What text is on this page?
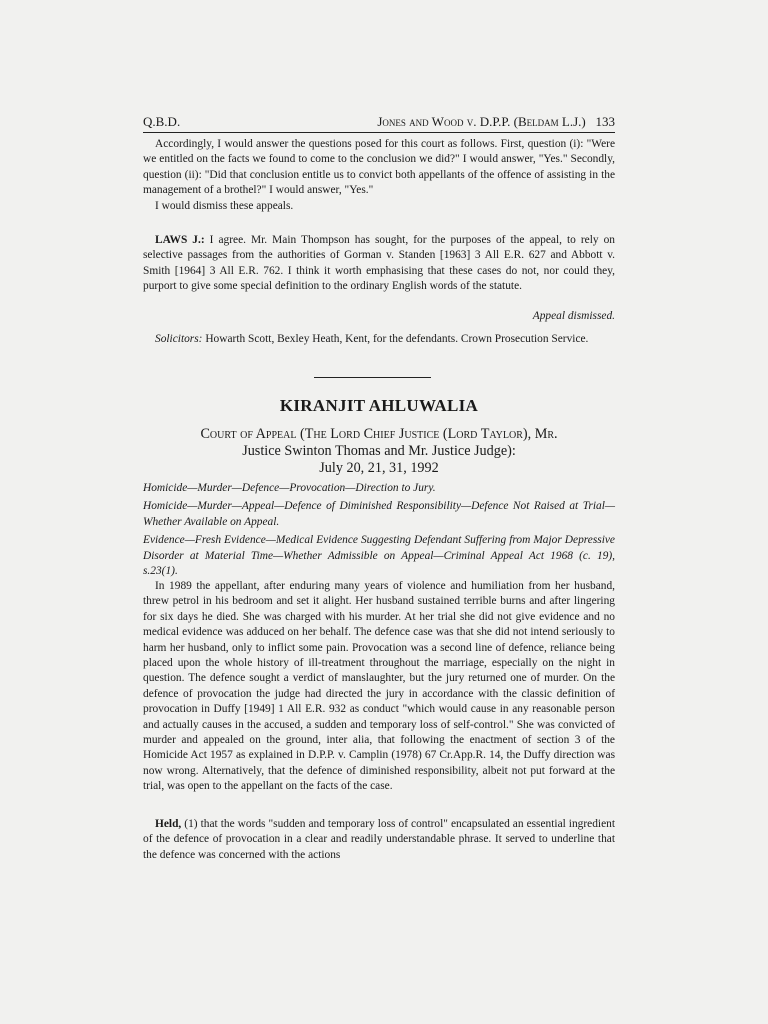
Q.B.D.	Jones and Wood v. D.P.P. (Beldam L.J.) 133

Accordingly, I would answer the questions posed for this court as follows. First, question (i): "Were we entitled on the facts we found to come to the conclusion we did?" I would answer, "Yes." Secondly, question (ii): "Did that conclusion entitle us to convict both appellants of the offence of assisting in the management of a brothel?" I would answer, "Yes."

I would dismiss these appeals.

LAWS J.: I agree. Mr. Main Thompson has sought, for the purposes of the appeal, to rely on selective passages from the authorities of Gorman v. Standen [1963] 3 All E.R. 627 and Abbott v. Smith [1964] 3 All E.R. 762. I think it worth emphasising that these cases do not, nor could they, purport to give some special definition to the ordinary English words of the statute.

Appeal dismissed.

Solicitors: Howarth Scott, Bexley Heath, Kent, for the defendants. Crown Prosecution Service.

KIRANJIT AHLUWALIA
Court of Appeal (The Lord Chief Justice (Lord Taylor), Mr.
Justice Swinton Thomas and Mr. Justice Judge):
July 20, 21, 31, 1992

Homicide—Murder—Defence—Provocation—Direction to Jury.

Homicide—Murder—Appeal—Defence of Diminished Responsibility—Defence Not Raised at Trial—Whether Available on Appeal.

Evidence—Fresh Evidence—Medical Evidence Suggesting Defendant Suffering from Major Depressive Disorder at Material Time—Whether Admissible on Appeal—Criminal Appeal Act 1968 (c. 19), s.23(1).

In 1989 the appellant, after enduring many years of violence and humiliation from her husband, threw petrol in his bedroom and set it alight. Her husband sustained terrible burns and after lingering for six days he died. She was charged with his murder. At her trial she did not give evidence and no medical evidence was adduced on her behalf. The defence case was that she did not intend seriously to harm her husband, only to inflict some pain. Provocation was a second line of defence, reliance being placed upon the whole history of ill-treatment throughout the marriage, especially on the night in question. The defence sought a verdict of manslaughter, but the jury returned one of murder. On the defence of provocation the judge had directed the jury in accordance with the classic definition of provocation in Duffy [1949] 1 All E.R. 932 as conduct "which would cause in any reasonable person and actually causes in the accused, a sudden and temporary loss of self-control." She was convicted of murder and appealed on the ground, inter alia, that following the enactment of section 3 of the Homicide Act 1957 as explained in D.P.P. v. Camplin (1978) 67 Cr.App.R. 14, the Duffy direction was now wrong. Alternatively, that the defence of diminished responsibility, albeit not put forward at the trial, was open to the appellant on the facts of the case.

Held, (1) that the words "sudden and temporary loss of control" encapsulated an essential ingredient of the defence of provocation in a clear and readily understandable phrase. It served to underline that the defence was concerned with the actions
